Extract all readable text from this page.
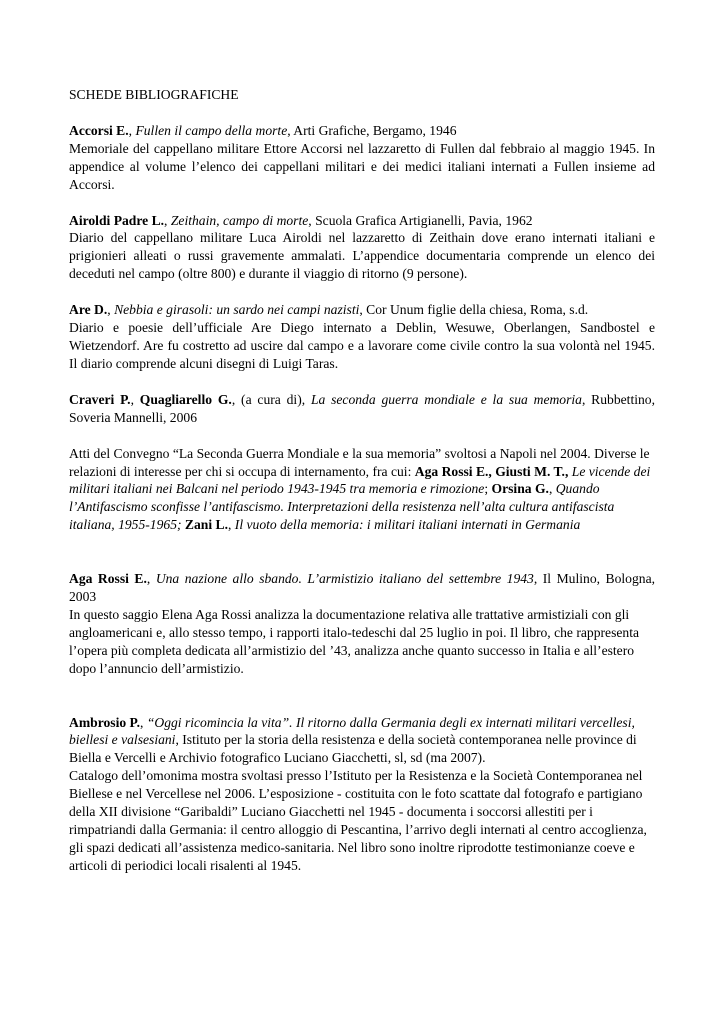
SCHEDE BIBLIOGRAFICHE

Accorsi E., Fullen il campo della morte, Arti Grafiche, Bergamo, 1946

Memoriale del cappellano militare Ettore Accorsi nel lazzaretto di Fullen dal febbraio al maggio 1945. In appendice al volume l’elenco dei cappellani militari e dei medici italiani internati a Fullen insieme ad Accorsi.

Airoldi Padre L., Zeithain, campo di morte, Scuola Grafica Artigianelli, Pavia, 1962

Diario del cappellano militare Luca Airoldi nel lazzaretto di Zeithain dove erano internati italiani e prigionieri alleati o russi gravemente ammalati. L’appendice documentaria comprende un elenco dei deceduti nel campo (oltre 800) e durante il viaggio di ritorno (9 persone).

Are D., Nebbia e girasoli: un sardo nei campi nazisti, Cor Unum figlie della chiesa, Roma, s.d.

Diario e poesie dell’ufficiale Are Diego internato a Deblin, Wesuwe, Oberlangen, Sandbostel e Wietzendorf. Are fu costretto ad uscire dal campo e a lavorare come civile contro la sua volontà nel 1945. Il diario comprende alcuni disegni di Luigi Taras.

Craveri P., Quagliarello G., (a cura di), La seconda guerra mondiale e la sua memoria, Rubbettino, Soveria Mannelli, 2006

Atti del Convegno “La Seconda Guerra Mondiale e la sua memoria” svoltosi a Napoli nel 2004. Diverse le relazioni di interesse per chi si occupa di internamento, fra cui: Aga Rossi E., Giusti M. T., Le vicende dei militari italiani nei Balcani nel periodo 1943-1945 tra memoria e rimozione; Orsina G., Quando l’Antifascismo sconfisse l’antifascismo. Interpretazioni della resistenza nell’alta cultura antifascista italiana, 1955-1965; Zani L., Il vuoto della memoria: i militari italiani internati in Germania

Aga Rossi E., Una nazione allo sbando. L’armistizio italiano del settembre 1943, Il Mulino, Bologna, 2003

In questo saggio Elena Aga Rossi analizza la documentazione relativa alle trattative armistiziali con gli angloamericani e, allo stesso tempo, i rapporti italo-tedeschi dal 25 luglio in poi. Il libro, che rappresenta l’opera più completa dedicata all’armistizio del ’43, analizza anche quanto successo in Italia e all’estero dopo l’annuncio dell’armistizio.

Ambrosio P., “Oggi ricomincia la vita”. Il ritorno dalla Germania degli ex internati militari vercellesi, biellesi e valsesiani, Istituto per la storia della resistenza e della società contemporanea nelle province di Biella e Vercelli e Archivio fotografico Luciano Giacchetti, sl, sd (ma 2007).

Catalogo dell’omonima mostra svoltasi presso l’Istituto per la Resistenza e la Società Contemporanea nel Biellese e nel Vercellese nel 2006. L’esposizione - costituita con le foto scattate dal fotografo e partigiano della XII divisione “Garibaldi” Luciano Giacchetti nel 1945 - documenta i soccorsi allestiti per i rimpatriandi dalla Germania: il centro alloggio di Pescantina, l’arrivo degli internati al centro accoglienza, gli spazi dedicati all’assistenza medico-sanitaria. Nel libro sono inoltre riprodotte testimonianze coeve e articoli di periodici locali risalenti al 1945.
